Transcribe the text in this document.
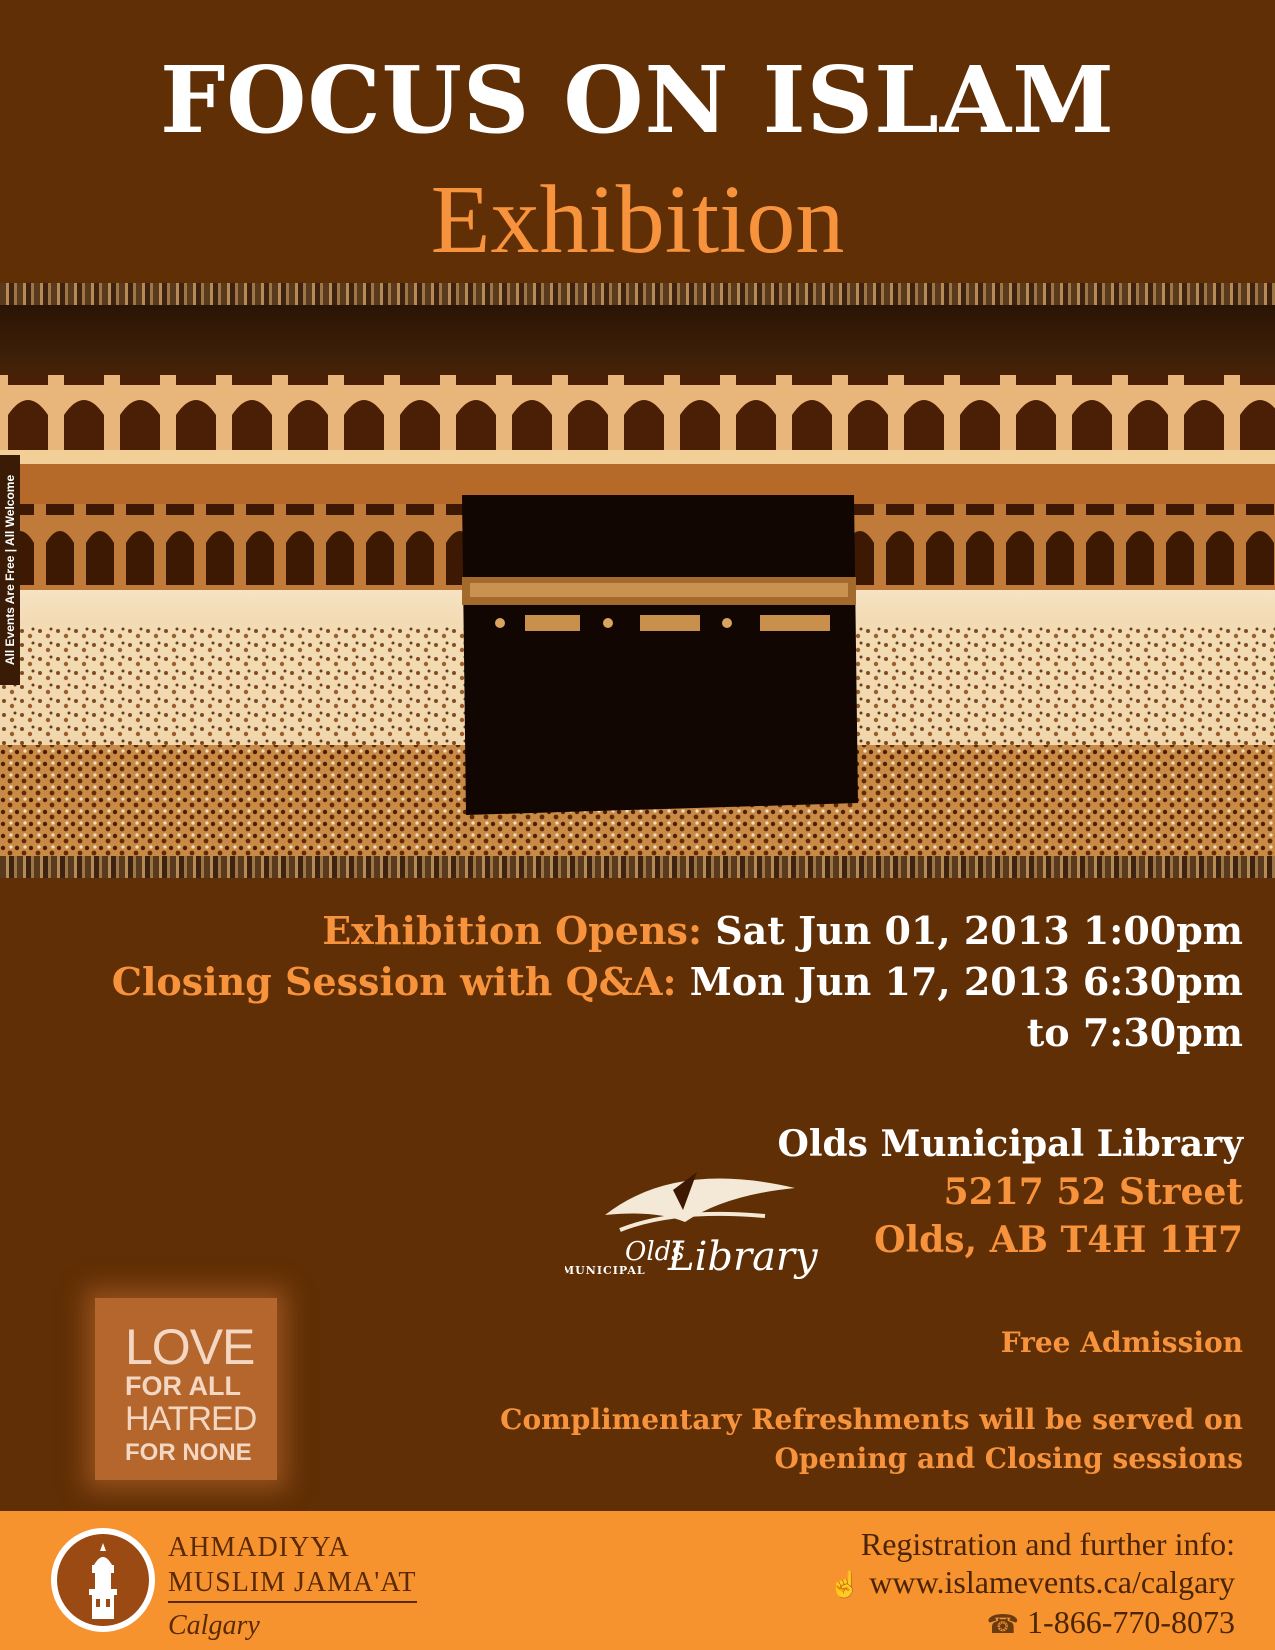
FOCUS ON ISLAM
Exhibition
All Events Are Free | All Welcome
Exhibition Opens: Sat Jun 01, 2013 1:00pm
Closing Session with Q&A: Mon Jun 17, 2013 6:30pm
to 7:30pm
Olds Municipal Library
5217 52 Street
Olds, AB T4H 1H7
Olds
MUNICIPAL Library
Free Admission
Complimentary Refreshments will be served on
Opening and Closing sessions
LOVE
FOR ALL
HATRED
FOR NONE
AHMADIYYA
MUSLIM JAMA'AT
Calgary
Registration and further info:
☝ www.islamevents.ca/calgary
☎ 1-866-770-8073
